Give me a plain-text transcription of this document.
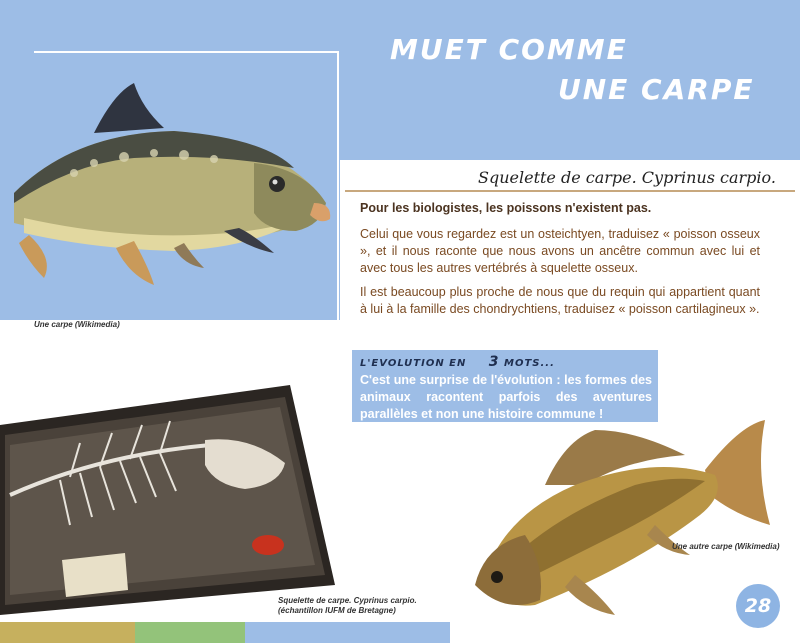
MUET COMME
UNE CARPE
Squelette de carpe. Cyprinus carpio.

Pour les biologistes, les poissons n'existent pas.

Celui que vous regardez est un osteichtyen, traduisez « poisson osseux », et il nous raconte que nous avons un ancêtre commun avec lui et avec tous les autres vertébrés à squelette osseux.

Il est beaucoup plus proche de nous que du requin qui appartient quant à lui à la famille des chondrychtiens, traduisez « poisson cartilagineux ».

L'EVOLUTION EN 3 MOTS...
C'est une surprise de l'évolution : les formes des animaux racontent parfois des aventures parallèles et non une histoire commune !
Une carpe (Wikimedia)
Squelette de carpe. Cyprinus carpio.
(échantillon IUFM de Bretagne)
Une autre carpe (Wikimedia)
28
